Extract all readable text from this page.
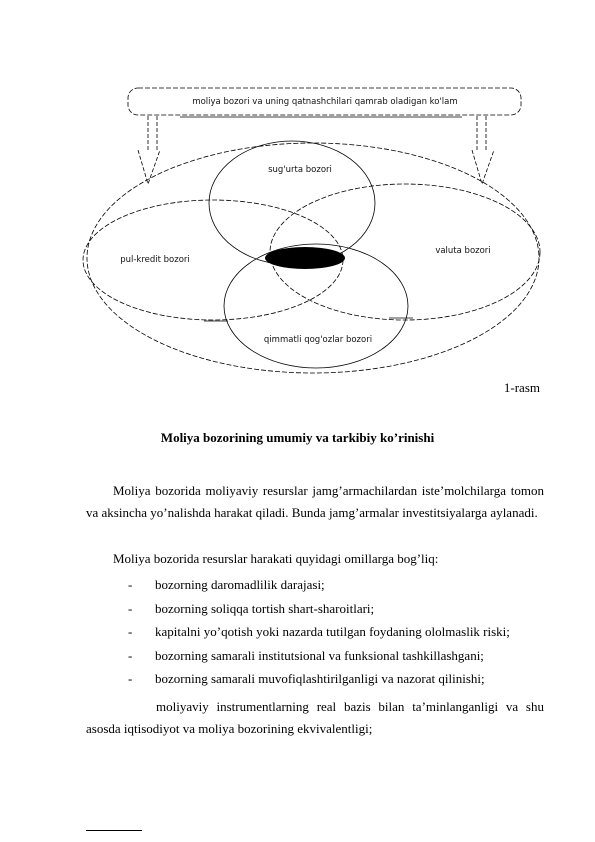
moliya bozori va uning qatnashchilari qamrab oladigan ko'lam
sug'urta bozori
pul-kredit bozori
valuta bozori
qimmatli qog'ozlar bozori
1-rasm
Moliya bozorining umumiy va tarkibiy ko’rinishi
Moliya bozorida moliyaviy resurslar jamg’armachilardan iste’molchilarga tomon va aksincha yo’nalishda harakat qiladi. Bunda jamg’armalar investitsiyalarga aylanadi.
Moliya bozorida resurslar harakati quyidagi omillarga bog’liq:
- bozorning daromadlilik darajasi;
- bozorning soliqqa tortish shart-sharoitlari;
- kapitalni yo’qotish yoki nazarda tutilgan foydaning ololmaslik riski;
- bozorning samarali institutsional va funksional tashkillashgani;
- bozorning samarali muvofiqlashtirilganligi va nazorat qilinishi;
moliyaviy instrumentlarning real bazis bilan ta’minlanganligi va shu asosda iqtisodiyot va moliya bozorining ekvivalentligi;
